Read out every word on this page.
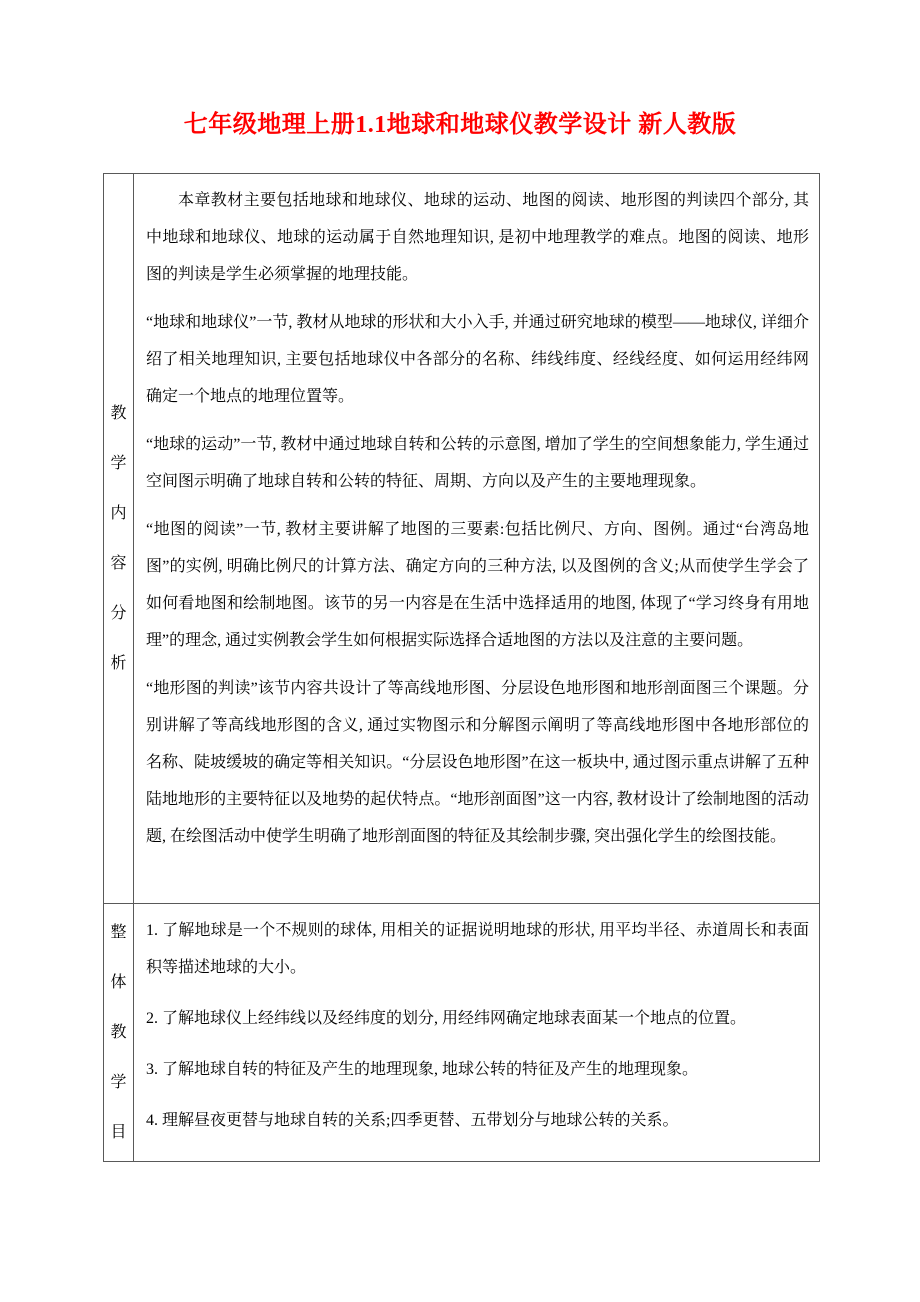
七年级地理上册1.1地球和地球仪教学设计 新人教版
教
学
内
容
分
析

本章教材主要包括地球和地球仪、地球的运动、地图的阅读、地形图的判读四个部分, 其中地球和地球仪、地球的运动属于自然地理知识, 是初中地理教学的难点。地图的阅读、地形图的判读是学生必须掌握的地理技能。

“地球和地球仪”一节, 教材从地球的形状和大小入手, 并通过研究地球的模型——地球仪, 详细介绍了相关地理知识, 主要包括地球仪中各部分的名称、纬线纬度、经线经度、如何运用经纬网确定一个地点的地理位置等。

“地球的运动”一节, 教材中通过地球自转和公转的示意图, 增加了学生的空间想象能力, 学生通过空间图示明确了地球自转和公转的特征、周期、方向以及产生的主要地理现象。

“地图的阅读”一节, 教材主要讲解了地图的三要素:包括比例尺、方向、图例。通过“台湾岛地图”的实例, 明确比例尺的计算方法、确定方向的三种方法, 以及图例的含义;从而使学生学会了如何看地图和绘制地图。该节的另一内容是在生活中选择适用的地图, 体现了“学习终身有用地理”的理念, 通过实例教会学生如何根据实际选择合适地图的方法以及注意的主要问题。

“地形图的判读”该节内容共设计了等高线地形图、分层设色地形图和地形剖面图三个课题。分别讲解了等高线地形图的含义, 通过实物图示和分解图示阐明了等高线地形图中各地形部位的名称、陡坡缓坡的确定等相关知识。“分层设色地形图”在这一板块中, 通过图示重点讲解了五种陆地地形的主要特征以及地势的起伏特点。“地形剖面图”这一内容, 教材设计了绘制地图的活动题, 在绘图活动中使学生明确了地形剖面图的特征及其绘制步骤, 突出强化学生的绘图技能。

整
体
教
学
目

1. 了解地球是一个不规则的球体, 用相关的证据说明地球的形状, 用平均半径、赤道周长和表面积等描述地球的大小。

2. 了解地球仪上经纬线以及经纬度的划分, 用经纬网确定地球表面某一个地点的位置。

3. 了解地球自转的特征及产生的地理现象, 地球公转的特征及产生的地理现象。

4. 理解昼夜更替与地球自转的关系;四季更替、五带划分与地球公转的关系。
